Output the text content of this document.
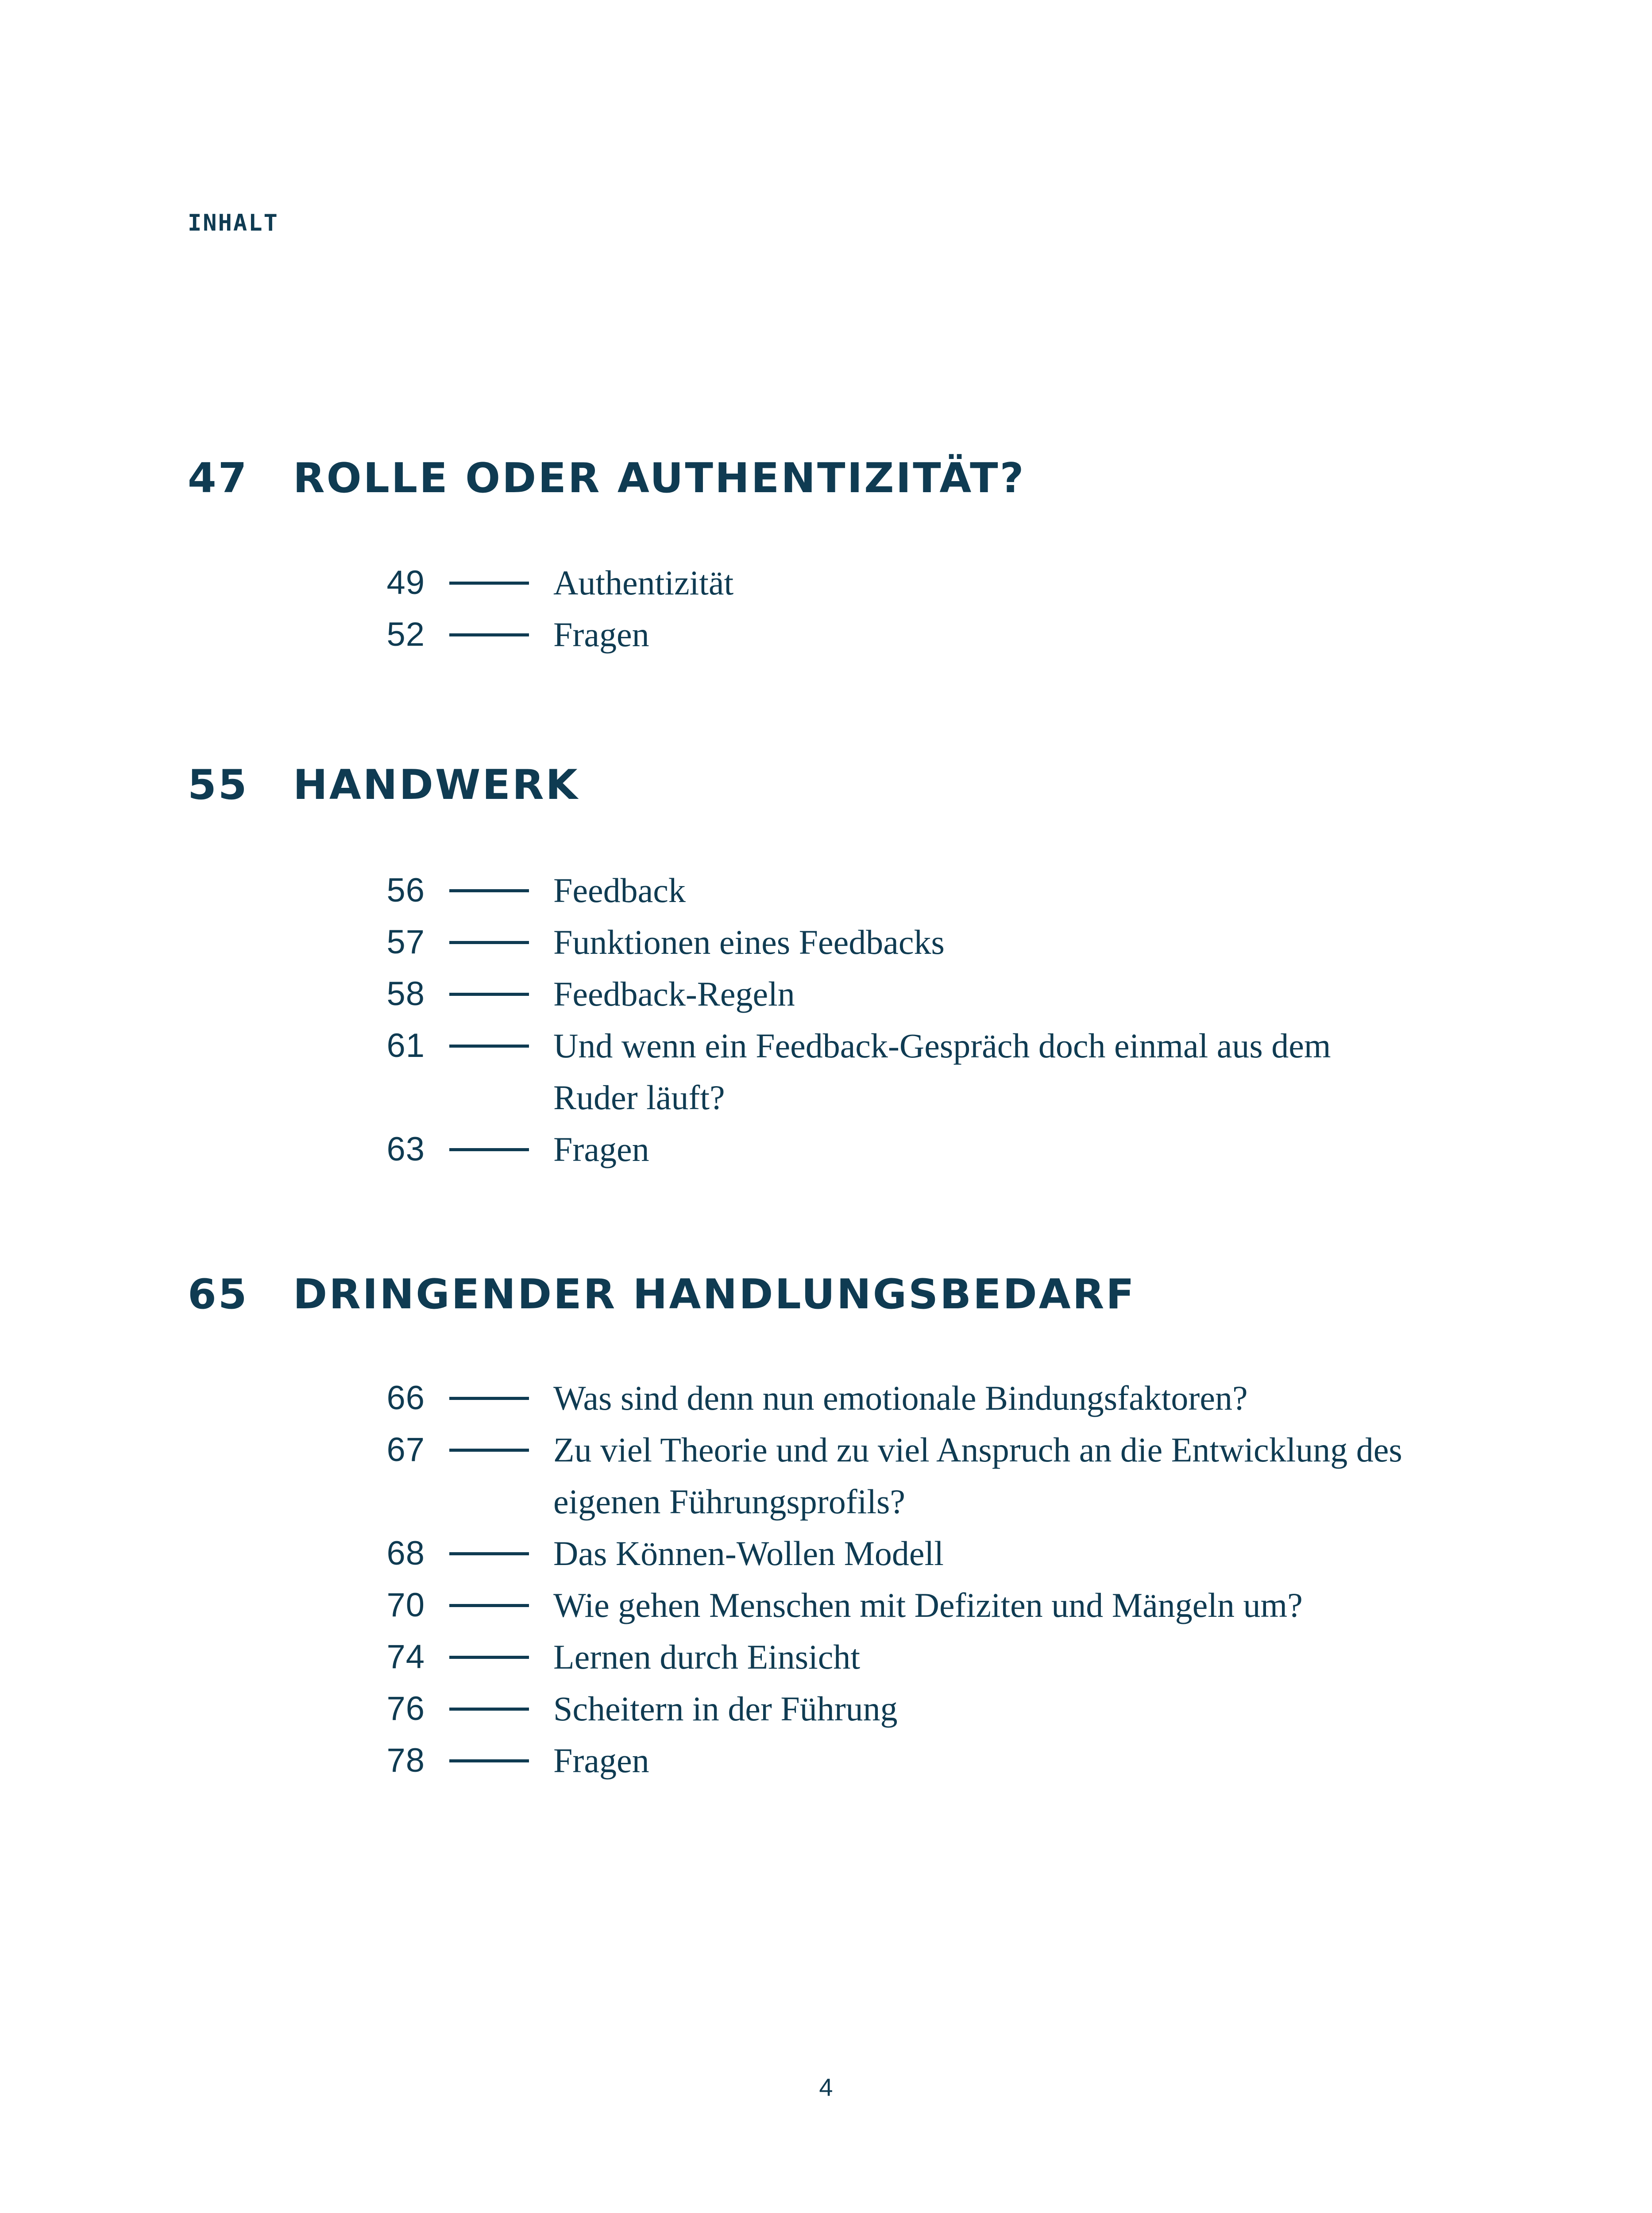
INHALT
47	ROLLE ODER AUTHENTIZITÄT?
49	Authentizität
52	Fragen
55	HANDWERK
56	Feedback
57	Funktionen eines Feedbacks
58	Feedback-Regeln
61	Und wenn ein Feedback-Gespräch doch einmal aus dem Ruder läuft?
63	Fragen
65	DRINGENDER HANDLUNGSBEDARF
66	Was sind denn nun emotionale Bindungsfaktoren?
67	Zu viel Theorie und zu viel Anspruch an die Entwicklung des eigenen Führungsprofils?
68	Das Können-Wollen Modell
70	Wie gehen Menschen mit Defiziten und Mängeln um?
74	Lernen durch Einsicht
76	Scheitern in der Führung
78	Fragen
4
